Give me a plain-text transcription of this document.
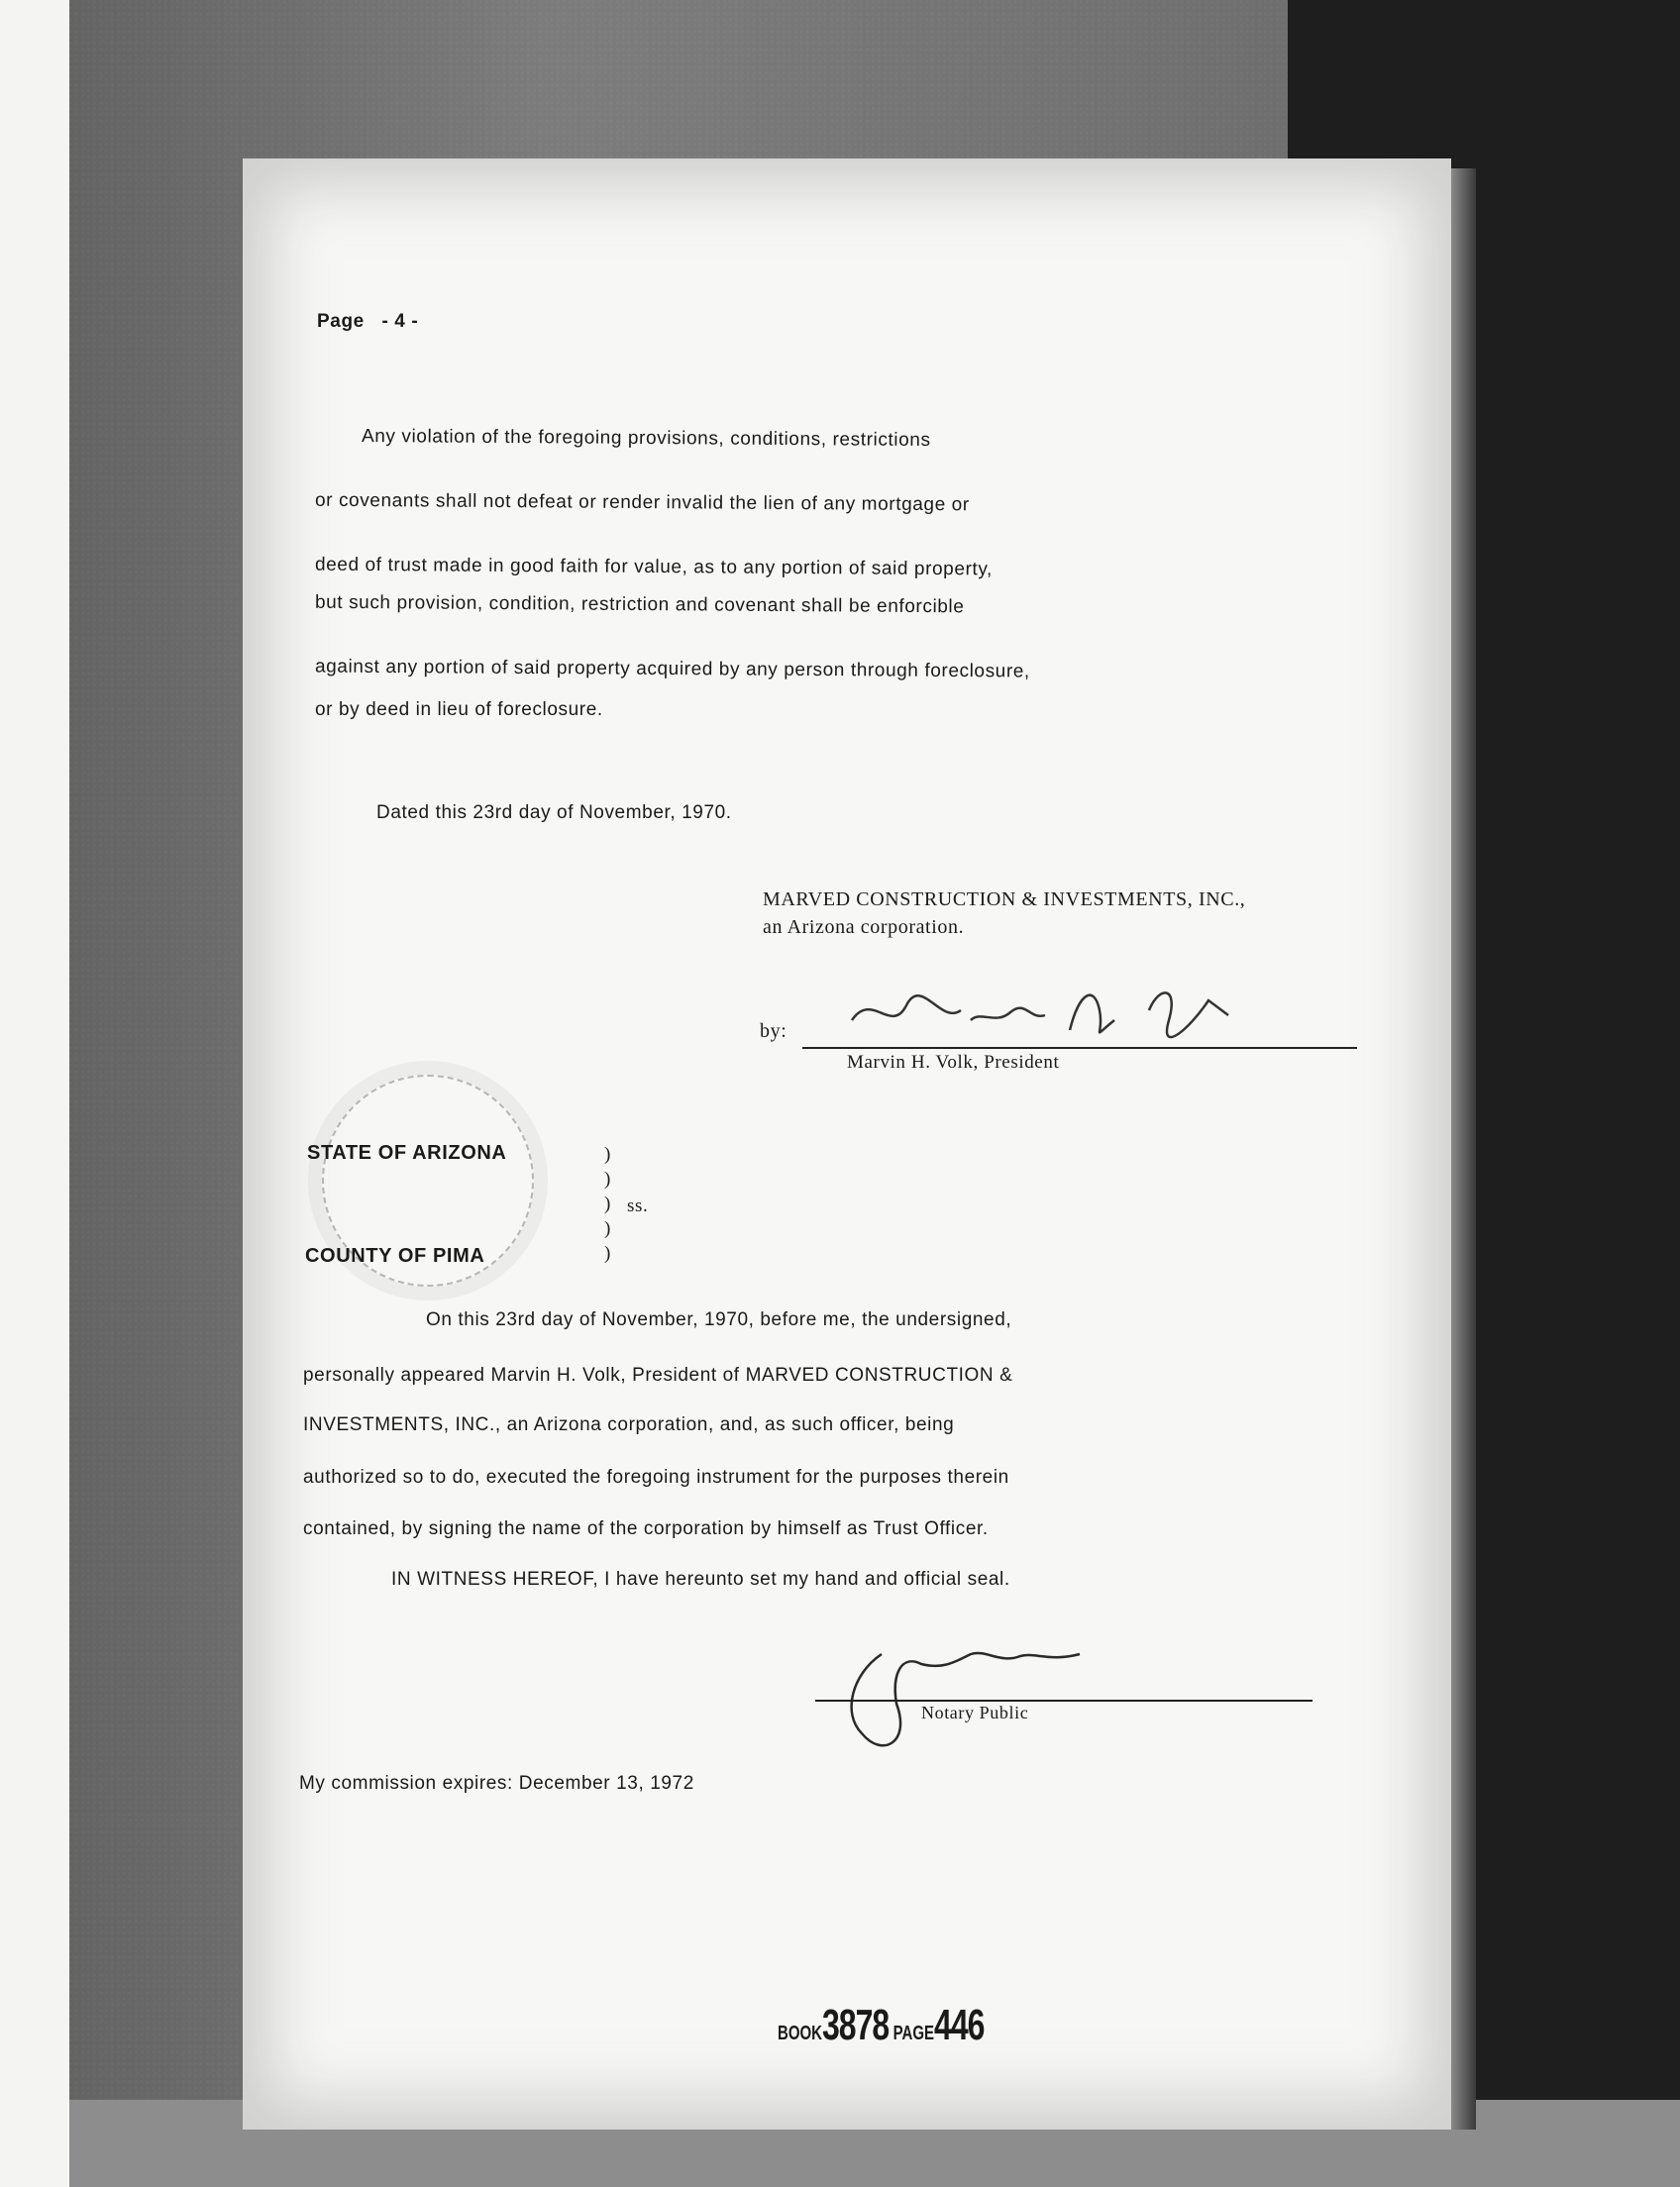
Page - 4 -
Any violation of the foregoing provisions, conditions, restrictions
or covenants shall not defeat or render invalid the lien of any mortgage or
deed of trust made in good faith for value, as to any portion of said property,
but such provision, condition, restriction and covenant shall be enforcible
against any portion of said property acquired by any person through foreclosure,
or by deed in lieu of foreclosure.
Dated this 23rd day of November, 1970.
MARVED CONSTRUCTION & INVESTMENTS, INC.,
an Arizona corporation.
by:
Marvin H. Volk, President
STATE OF ARIZONA	)
)
) ss.
)
)
COUNTY OF PIMA
On this 23rd day of November, 1970, before me, the undersigned,
personally appeared Marvin H. Volk, President of MARVED CONSTRUCTION &
INVESTMENTS, INC., an Arizona corporation, and, as such officer, being
authorized so to do, executed the foregoing instrument for the purposes therein
contained, by signing the name of the corporation by himself as Trust Officer.
IN WITNESS HEREOF, I have hereunto set my hand and official seal.
Notary Public
My commission expires: December 13, 1972
BOOK3878 PAGE446
